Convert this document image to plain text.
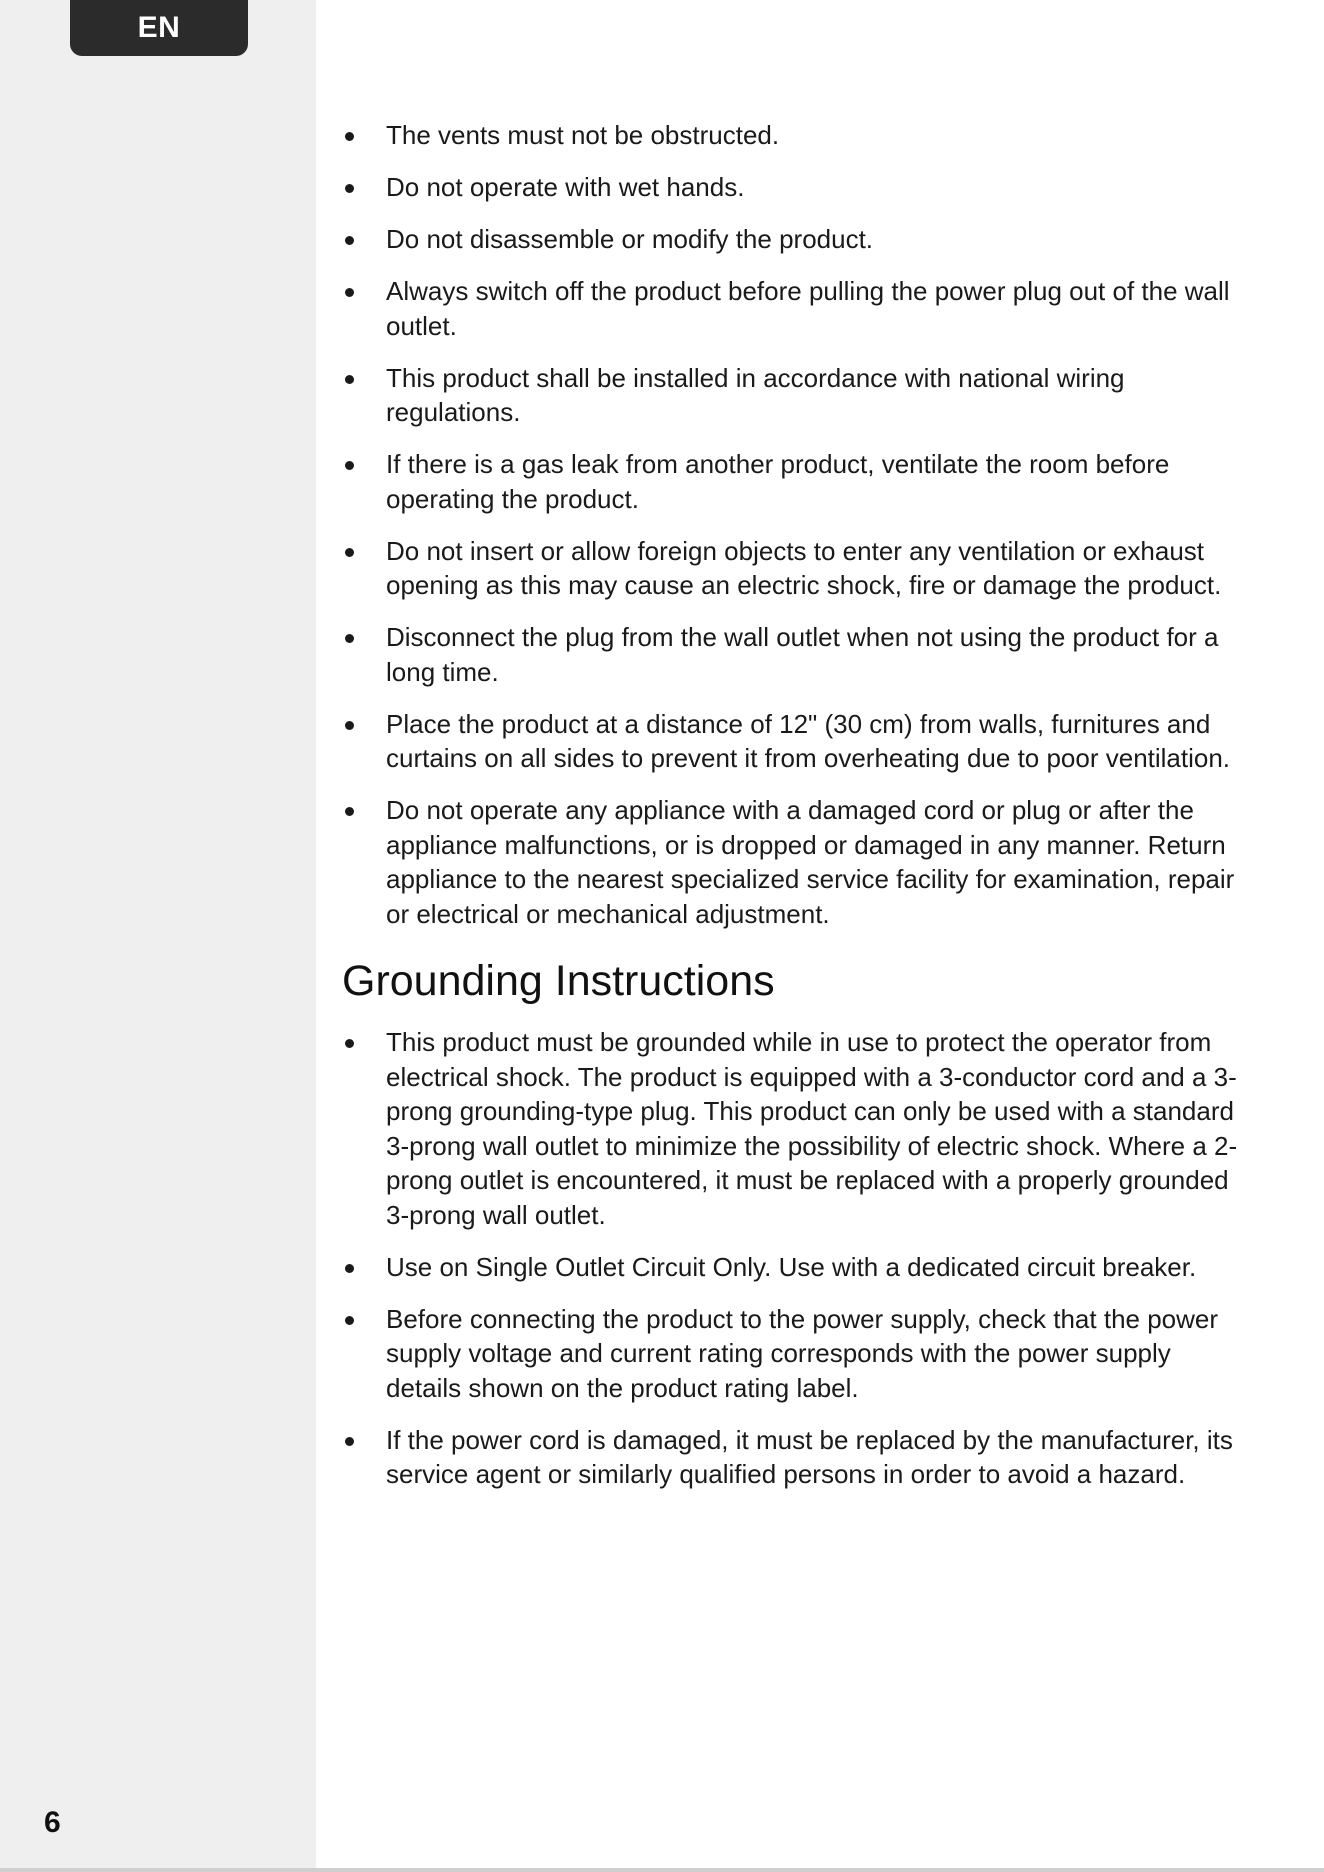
EN
The vents must not be obstructed.
Do not operate with wet hands.
Do not disassemble or modify the product.
Always switch off the product before pulling the power plug out of the wall outlet.
This product shall be installed in accordance with national wiring regulations.
If there is a gas leak from another product, ventilate the room before operating the product.
Do not insert or allow foreign objects to enter any ventilation or exhaust opening as this may cause an electric shock, fire or damage the product.
Disconnect the plug from the wall outlet when not using the product for a long time.
Place the product at a distance of 12" (30 cm) from walls, furnitures and curtains on all sides to prevent it from overheating due to poor ventilation.
Do not operate any appliance with a damaged cord or plug or after the appliance malfunctions, or is dropped or damaged in any manner. Return appliance to the nearest specialized service facility for examination, repair or electrical or mechanical adjustment.
Grounding Instructions
This product must be grounded while in use to protect the operator from electrical shock. The product is equipped with a 3-conductor cord and a 3-prong grounding-type plug. This product can only be used with a standard 3-prong wall outlet to minimize the possibility of electric shock. Where a 2-prong outlet is encountered, it must be replaced with a properly grounded 3-prong wall outlet.
Use on Single Outlet Circuit Only. Use with a dedicated circuit breaker.
Before connecting the product to the power supply, check that the power supply voltage and current rating corresponds with the power supply details shown on the product rating label.
If the power cord is damaged, it must be replaced by the manufacturer, its service agent or similarly qualified persons in order to avoid a hazard.
6
